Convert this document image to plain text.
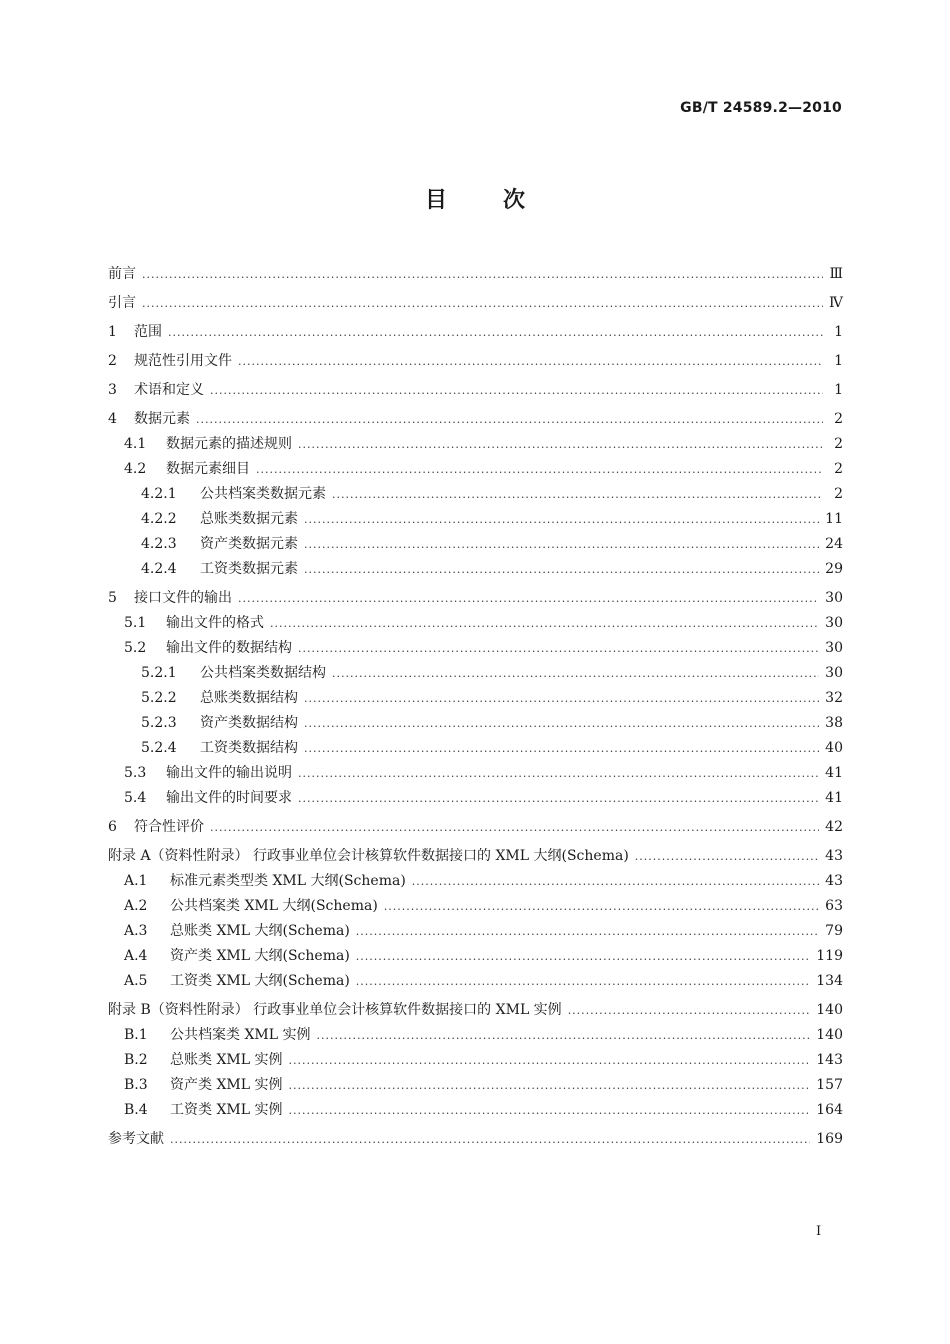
GB/T 24589.2—2010
目	次
前言 .....	Ⅲ
引言 .....	Ⅳ
1	范围 .....	1
2	规范性引用文件 .....	1
3	术语和定义 .....	1
4	数据元素 .....	2
4.1	数据元素的描述规则 .....	2
4.2	数据元素细目 .....	2
4.2.1	公共档案类数据元素 .....	2
4.2.2	总账类数据元素 .....	11
4.2.3	资产类数据元素 .....	24
4.2.4	工资类数据元素 .....	29
5	接口文件的输出 .....	30
5.1	输出文件的格式 .....	30
5.2	输出文件的数据结构 .....	30
5.2.1	公共档案类数据结构 .....	30
5.2.2	总账类数据结构 .....	32
5.2.3	资产类数据结构 .....	38
5.2.4	工资类数据结构 .....	40
5.3	输出文件的输出说明 .....	41
5.4	输出文件的时间要求 .....	41
6	符合性评价 .....	42
附录 A（资料性附录） 行政事业单位会计核算软件数据接口的 XML 大纲(Schema) .....	43
A.1	标准元素类型类 XML 大纲(Schema) .....	43
A.2	公共档案类 XML 大纲(Schema) .....	63
A.3	总账类 XML 大纲(Schema) .....	79
A.4	资产类 XML 大纲(Schema) .....	119
A.5	工资类 XML 大纲(Schema) .....	134
附录 B（资料性附录） 行政事业单位会计核算软件数据接口的 XML 实例 .....	140
B.1	公共档案类 XML 实例 .....	140
B.2	总账类 XML 实例 .....	143
B.3	资产类 XML 实例 .....	157
B.4	工资类 XML 实例 .....	164
参考文献 .....	169
Ⅰ
